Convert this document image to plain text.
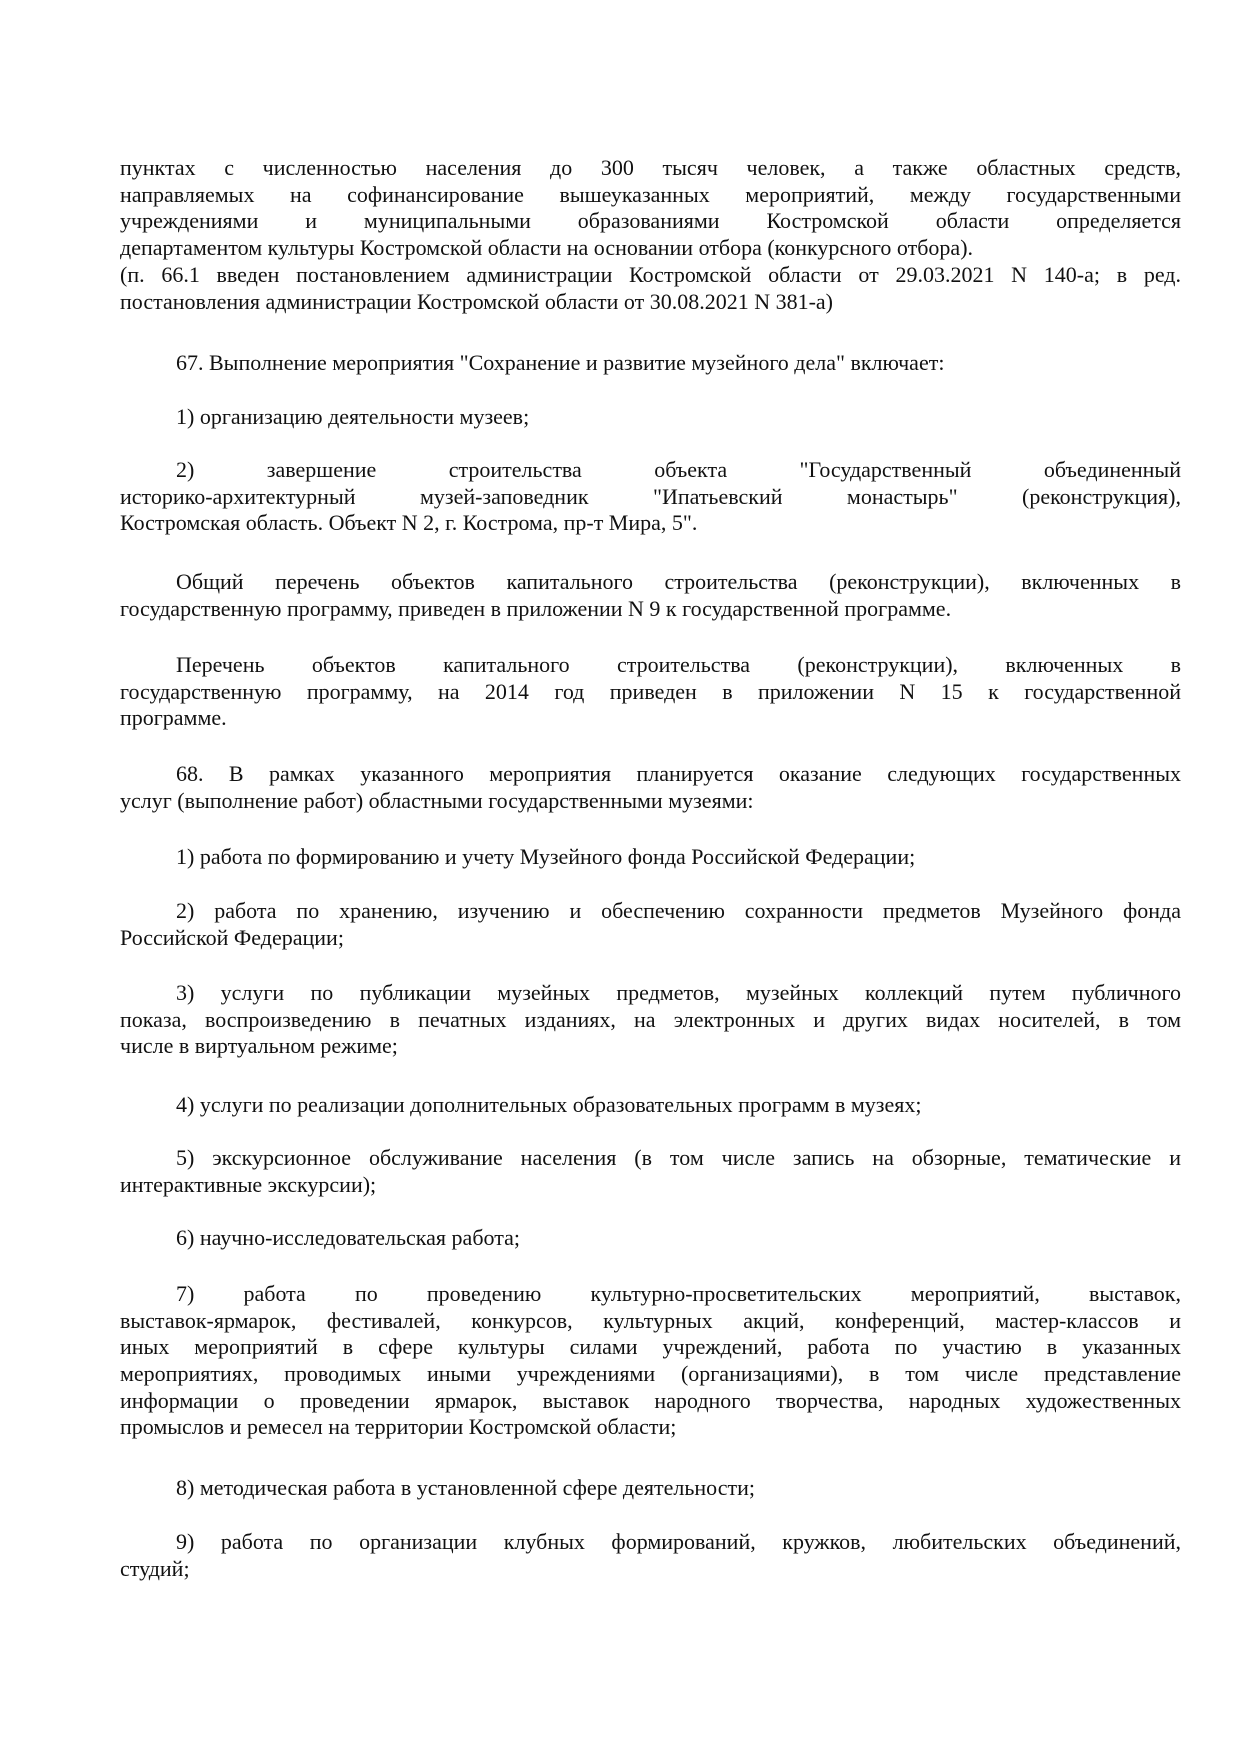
пунктах с численностью населения до 300 тысяч человек, а также областных средств,
направляемых на софинансирование вышеуказанных мероприятий, между государственными
учреждениями и муниципальными образованиями Костромской области определяется
департаментом культуры Костромской области на основании отбора (конкурсного отбора).
(п. 66.1 введен постановлением администрации Костромской области от 29.03.2021 N 140-а; в ред.
постановления администрации Костромской области от 30.08.2021 N 381-а)
67. Выполнение мероприятия "Сохранение и развитие музейного дела" включает:
1) организацию деятельности музеев;
2) завершение строительства объекта "Государственный объединенный
историко-архитектурный музей-заповедник "Ипатьевский монастырь" (реконструкция),
Костромская область. Объект N 2, г. Кострома, пр-т Мира, 5".
Общий перечень объектов капитального строительства (реконструкции), включенных в
государственную программу, приведен в приложении N 9 к государственной программе.
Перечень объектов капитального строительства (реконструкции), включенных в
государственную программу, на 2014 год приведен в приложении N 15 к государственной
программе.
68. В рамках указанного мероприятия планируется оказание следующих государственных
услуг (выполнение работ) областными государственными музеями:
1) работа по формированию и учету Музейного фонда Российской Федерации;
2) работа по хранению, изучению и обеспечению сохранности предметов Музейного фонда
Российской Федерации;
3) услуги по публикации музейных предметов, музейных коллекций путем публичного
показа, воспроизведению в печатных изданиях, на электронных и других видах носителей, в том
числе в виртуальном режиме;
4) услуги по реализации дополнительных образовательных программ в музеях;
5) экскурсионное обслуживание населения (в том числе запись на обзорные, тематические и
интерактивные экскурсии);
6) научно-исследовательская работа;
7) работа по проведению культурно-просветительских мероприятий, выставок,
выставок-ярмарок, фестивалей, конкурсов, культурных акций, конференций, мастер-классов и
иных мероприятий в сфере культуры силами учреждений, работа по участию в указанных
мероприятиях, проводимых иными учреждениями (организациями), в том числе представление
информации о проведении ярмарок, выставок народного творчества, народных художественных
промыслов и ремесел на территории Костромской области;
8) методическая работа в установленной сфере деятельности;
9) работа по организации клубных формирований, кружков, любительских объединений,
студий;
